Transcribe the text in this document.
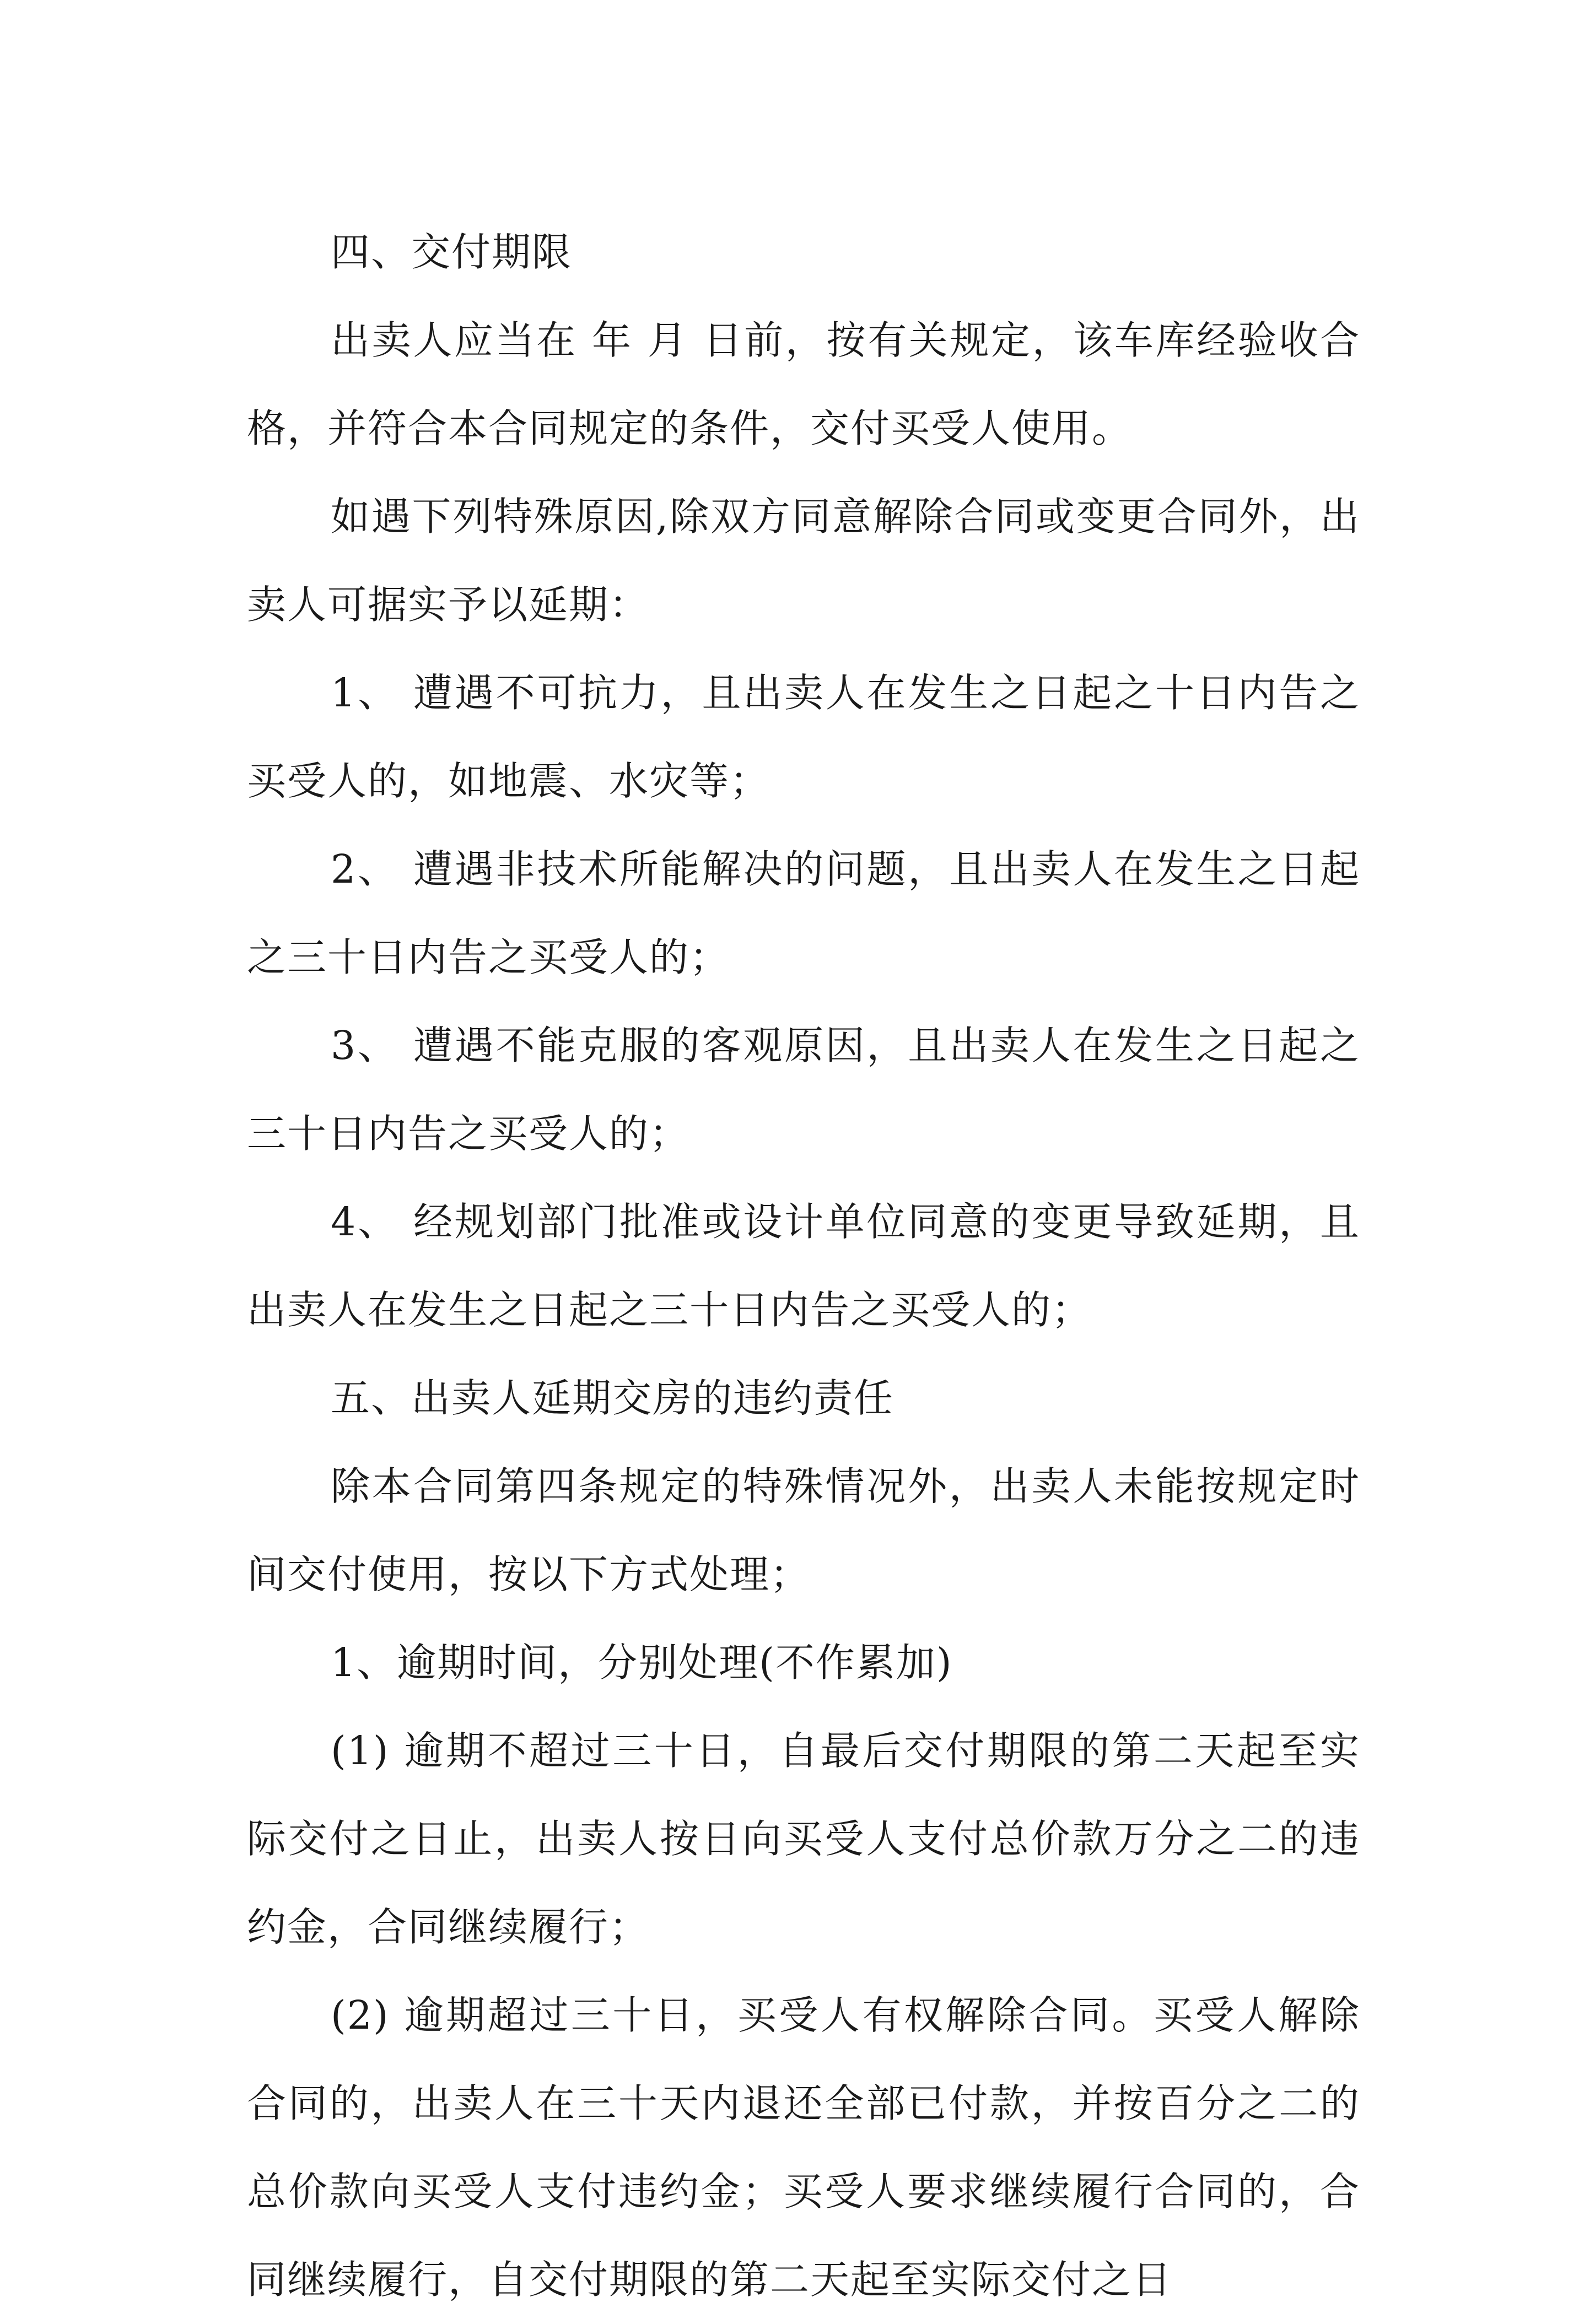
四、交付期限

出卖人应当在 年 月 日前，按有关规定，该车库经验收合格，并符合本合同规定的条件，交付买受人使用。

如遇下列特殊原因,除双方同意解除合同或变更合同外，出卖人可据实予以延期：

1、 遭遇不可抗力，且出卖人在发生之日起之十日内告之买受人的，如地震、水灾等；

2、 遭遇非技术所能解决的问题，且出卖人在发生之日起之三十日内告之买受人的；

3、 遭遇不能克服的客观原因，且出卖人在发生之日起之三十日内告之买受人的；

4、 经规划部门批准或设计单位同意的变更导致延期，且出卖人在发生之日起之三十日内告之买受人的；

五、出卖人延期交房的违约责任

除本合同第四条规定的特殊情况外，出卖人未能按规定时间交付使用，按以下方式处理；

1、逾期时间，分别处理(不作累加)

(1) 逾期不超过三十日，自最后交付期限的第二天起至实际交付之日止，出卖人按日向买受人支付总价款万分之二的违约金，合同继续履行；

(2) 逾期超过三十日，买受人有权解除合同。买受人解除合同的，出卖人在三十天内退还全部已付款，并按百分之二的总价款向买受人支付违约金；买受人要求继续履行合同的，合同继续履行，自交付期限的第二天起至实际交付之日
